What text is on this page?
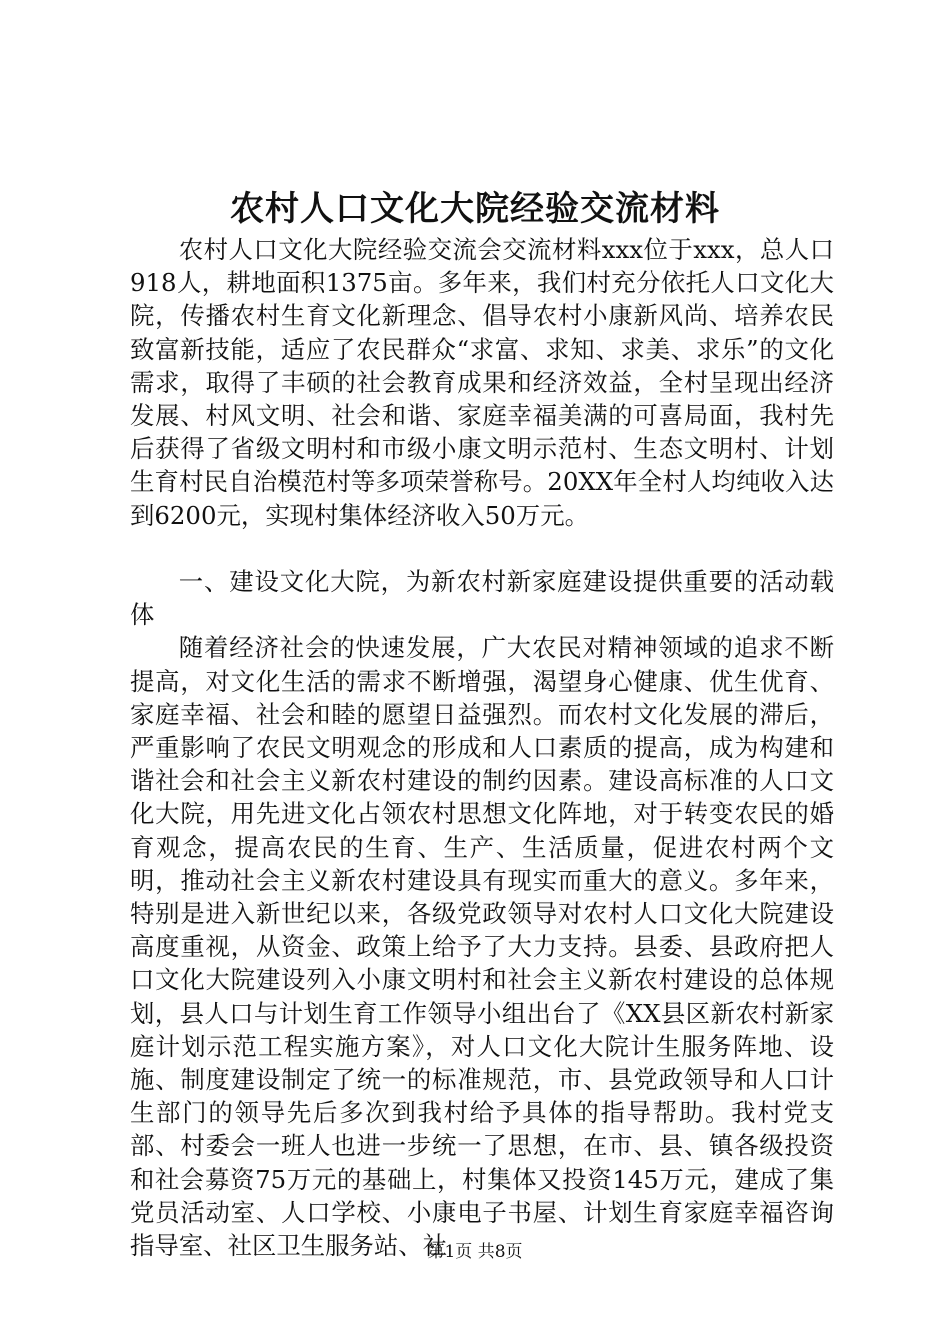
农村人口文化大院经验交流材料

农村人口文化大院经验交流会交流材料xxx位于xxx，总人口918人，耕地面积1375亩。多年来，我们村充分依托人口文化大院，传播农村生育文化新理念、倡导农村小康新风尚、培养农民致富新技能，适应了农民群众“求富、求知、求美、求乐”的文化需求，取得了丰硕的社会教育成果和经济效益，全村呈现出经济发展、村风文明、社会和谐、家庭幸福美满的可喜局面，我村先后获得了省级文明村和市级小康文明示范村、生态文明村、计划生育村民自治模范村等多项荣誉称号。20XX年全村人均纯收入达到6200元，实现村集体经济收入50万元。

一、建设文化大院，为新农村新家庭建设提供重要的活动载体

随着经济社会的快速发展，广大农民对精神领域的追求不断提高，对文化生活的需求不断增强，渴望身心健康、优生优育、家庭幸福、社会和睦的愿望日益强烈。而农村文化发展的滞后，严重影响了农民文明观念的形成和人口素质的提高，成为构建和谐社会和社会主义新农村建设的制约因素。建设高标准的人口文化大院，用先进文化占领农村思想文化阵地，对于转变农民的婚育观念，提高农民的生育、生产、生活质量，促进农村两个文明，推动社会主义新农村建设具有现实而重大的意义。多年来，特别是进入新世纪以来，各级党政领导对农村人口文化大院建设高度重视，从资金、政策上给予了大力支持。县委、县政府把人口文化大院建设列入小康文明村和社会主义新农村建设的总体规划，县人口与计划生育工作领导小组出台了《XX县区新农村新家庭计划示范工程实施方案》，对人口文化大院计生服务阵地、设施、制度建设制定了统一的标准规范，市、县党政领导和人口计生部门的领导先后多次到我村给予具体的指导帮助。我村党支部、村委会一班人也进一步统一了思想，在市、县、镇各级投资和社会募资75万元的基础上，村集体又投资145万元，建成了集党员活动室、人口学校、小康电子书屋、计划生育家庭幸福咨询指导室、社区卫生服务站、社

第1页 共8页
